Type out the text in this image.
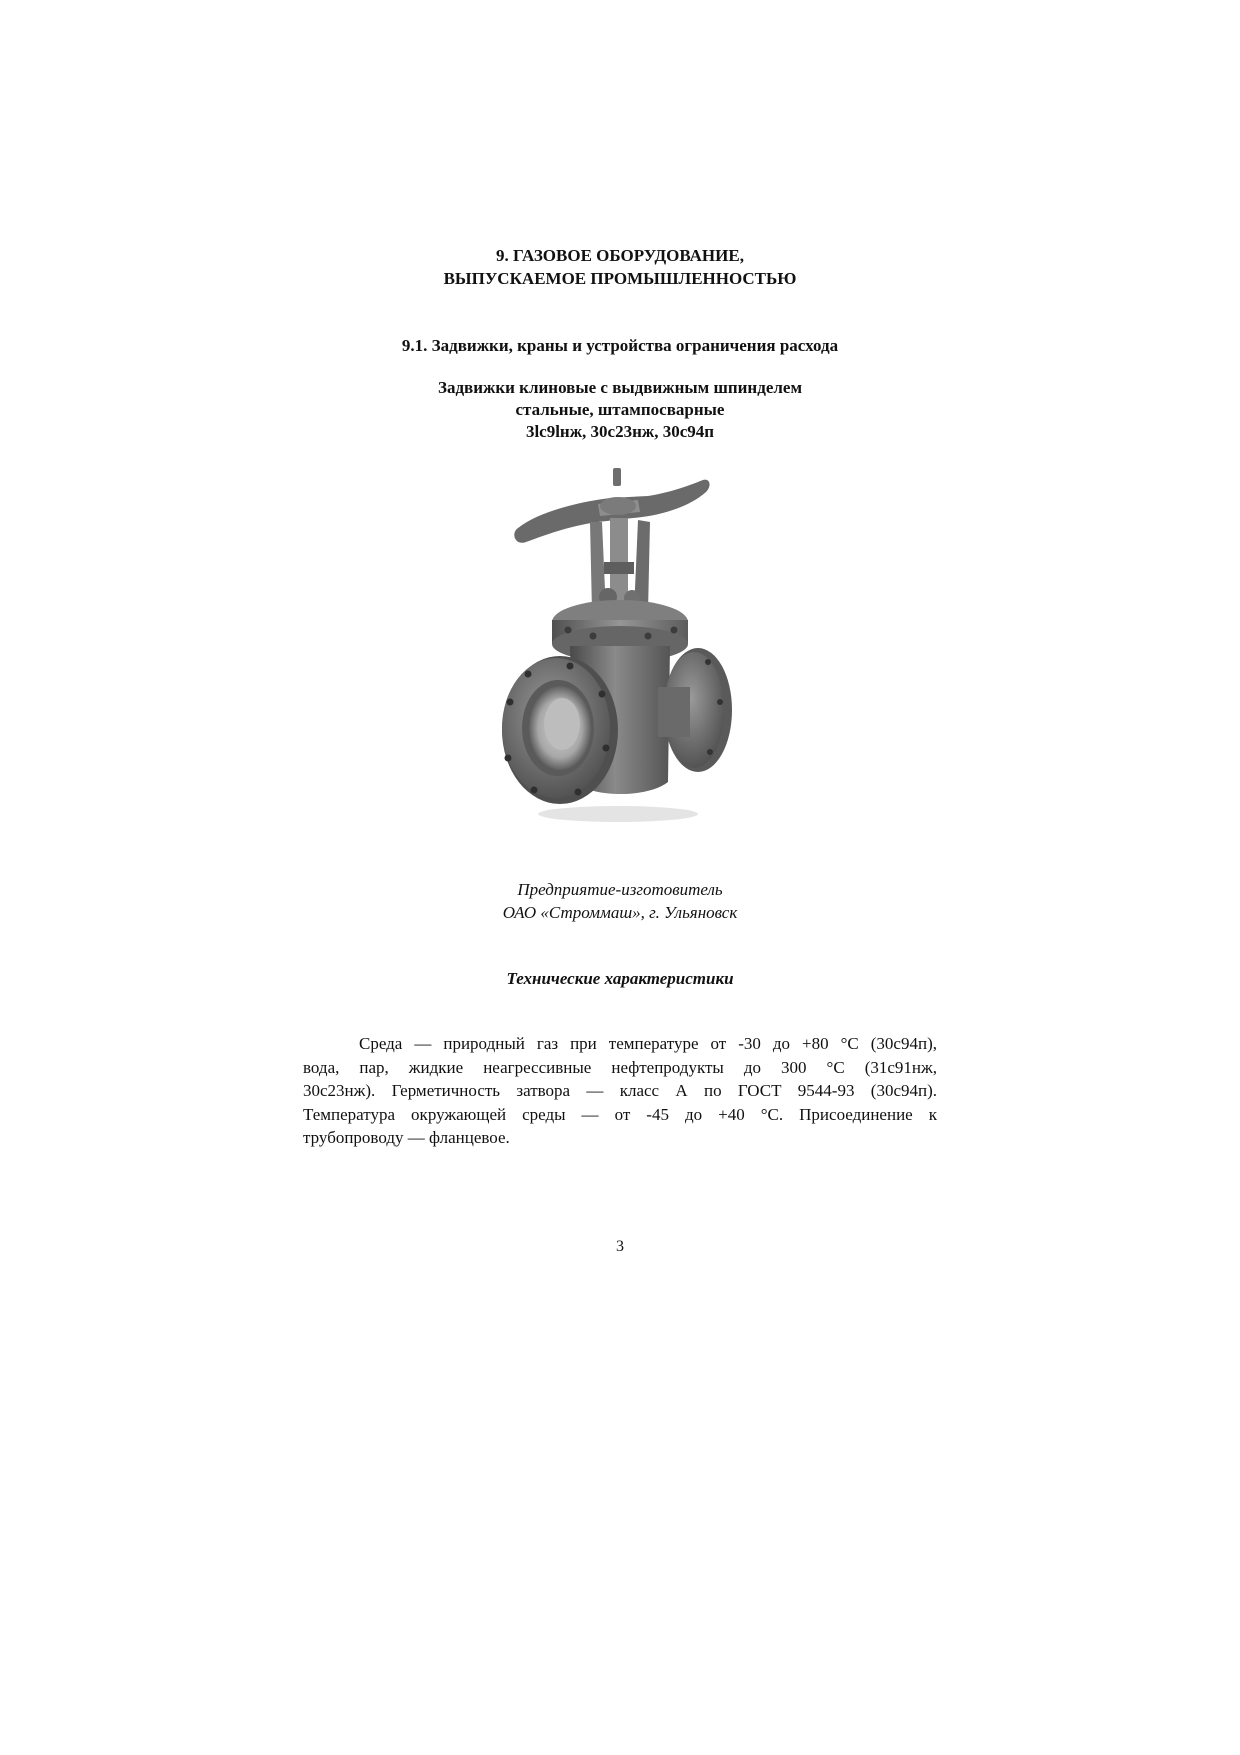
9. ГАЗОВОЕ ОБОРУДОВАНИЕ,
ВЫПУСКАЕМОЕ ПРОМЫШЛЕННОСТЬЮ
9.1. Задвижки, краны и устройства ограничения расхода
Задвижки клиновые с выдвижным шпинделем
стальные, штампосварные
3lс9lнж, 30с23нж, 30с94п
Предприятие-изготовитель
ОАО «Строммаш», г. Ульяновск
Технические характеристики
Среда — природный газ при температуре от -30 до +80 °С (30с94п),
вода, пар, жидкие неагрессивные нефтепродукты до 300 °С (31с91нж,
30с23нж). Герметичность затвора — класс А по ГОСТ 9544-93 (30с94п).
Температура окружающей среды — от -45 до +40 °С. Присоединение к
трубопроводу — фланцевое.
3
